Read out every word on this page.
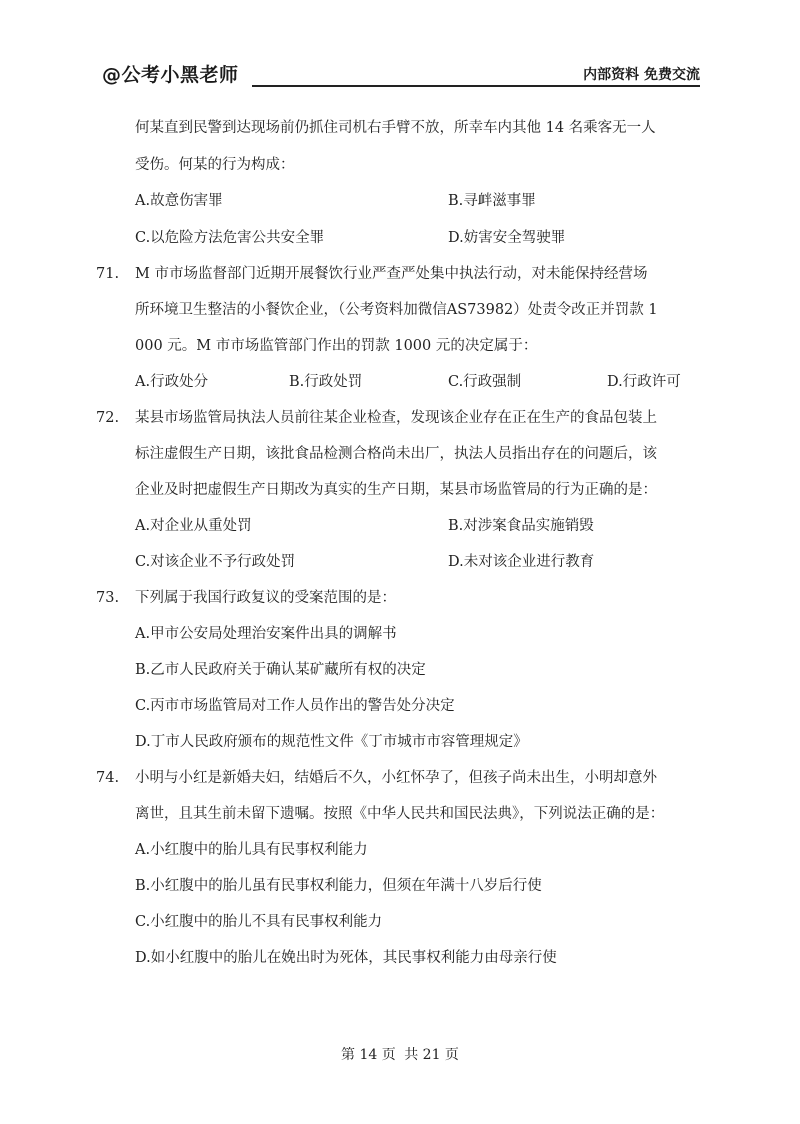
@公考小黑老师	内部资料 免费交流
何某直到民警到达现场前仍抓住司机右手臂不放，所幸车内其他 14 名乘客无一人
受伤。何某的行为构成：
A.故意伤害罪	B.寻衅滋事罪
C.以危险方法危害公共安全罪	D.妨害安全驾驶罪
71. M 市市场监督部门近期开展餐饮行业严查严处集中执法行动，对未能保持经营场
所环境卫生整洁的小餐饮企业，（公考资料加微信AS73982）处责令改正并罚款 1
000 元。M 市市场监管部门作出的罚款 1000 元的决定属于：
A.行政处分	B.行政处罚	C.行政强制	D.行政许可
72. 某县市场监管局执法人员前往某企业检查，发现该企业存在正在生产的食品包装上
标注虚假生产日期，该批食品检测合格尚未出厂，执法人员指出存在的问题后，该
企业及时把虚假生产日期改为真实的生产日期，某县市场监管局的行为正确的是：
A.对企业从重处罚	B.对涉案食品实施销毁
C.对该企业不予行政处罚	D.未对该企业进行教育
73. 下列属于我国行政复议的受案范围的是：
A.甲市公安局处理治安案件出具的调解书
B.乙市人民政府关于确认某矿藏所有权的决定
C.丙市市场监管局对工作人员作出的警告处分决定
D.丁市人民政府颁布的规范性文件《丁市城市市容管理规定》
74. 小明与小红是新婚夫妇，结婚后不久，小红怀孕了，但孩子尚未出生，小明却意外
离世，且其生前未留下遗嘱。按照《中华人民共和国民法典》，下列说法正确的是：
A.小红腹中的胎儿具有民事权利能力
B.小红腹中的胎儿虽有民事权利能力，但须在年满十八岁后行使
C.小红腹中的胎儿不具有民事权利能力
D.如小红腹中的胎儿在娩出时为死体，其民事权利能力由母亲行使
第 14 页 共 21 页
